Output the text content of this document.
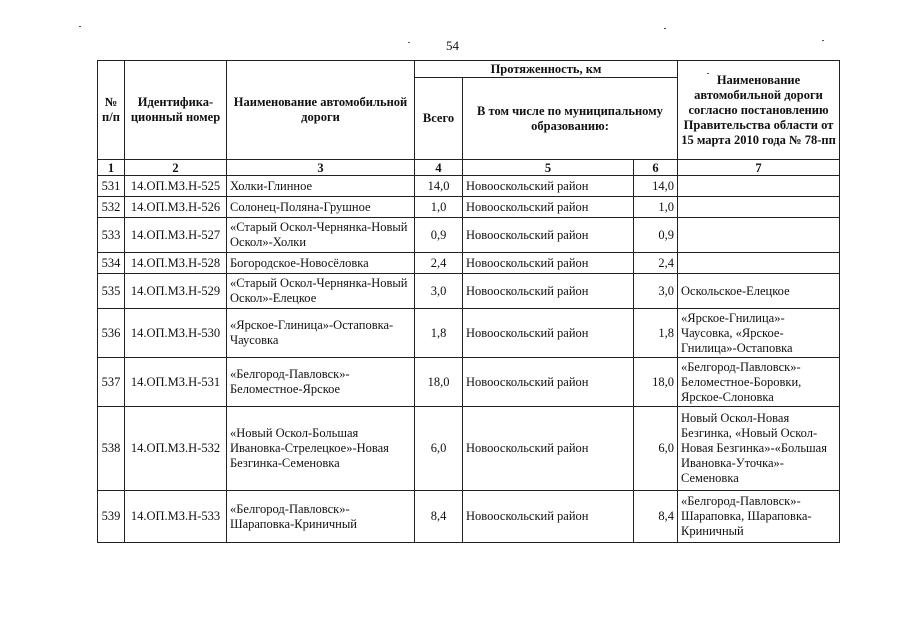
54
№ п/п	Идентифика-ционный номер	Наименование автомобильной дороги	Протяженность, км			Наименование автомобильной дороги согласно постановлению Правительства области от 15 марта 2010 года № 78-пп
			Всего	В том числе по муниципальному образованию:		
1	2	3	4	5	6	7
531	14.ОП.МЗ.Н-525	Холки-Глинное	14,0	Новооскольский район	14,0	
532	14.ОП.МЗ.Н-526	Солонец-Поляна-Грушное	1,0	Новооскольский район	1,0	
533	14.ОП.МЗ.Н-527	«Старый Оскол-Чернянка-Новый Оскол»-Холки	0,9	Новооскольский район	0,9	
534	14.ОП.МЗ.Н-528	Богородское-Новосёловка	2,4	Новооскольский район	2,4	
535	14.ОП.МЗ.Н-529	«Старый Оскол-Чернянка-Новый Оскол»-Елецкое	3,0	Новооскольский район	3,0	Оскольское-Елецкое
536	14.ОП.МЗ.Н-530	«Ярское-Глиница»-Остаповка-Чаусовка	1,8	Новооскольский район	1,8	«Ярское-Гнилица»-Чаусовка, «Ярское-Гнилица»-Остаповка
537	14.ОП.МЗ.Н-531	«Белгород-Павловск»-Беломестное-Ярское	18,0	Новооскольский район	18,0	«Белгород-Павловск»-Беломестное-Боровки, Ярское-Слоновка
538	14.ОП.МЗ.Н-532	«Новый Оскол-Большая Ивановка-Стрелецкое»-Новая Безгинка-Семеновка	6,0	Новооскольский район	6,0	Новый Оскол-Новая Безгинка, «Новый Оскол-Новая Безгинка»-«Большая Ивановка-Уточка»-Семеновка
539	14.ОП.МЗ.Н-533	«Белгород-Павловск»-Шараповка-Криничный	8,4	Новооскольский район	8,4	«Белгород-Павловск»-Шараповка, Шараповка-Криничный
